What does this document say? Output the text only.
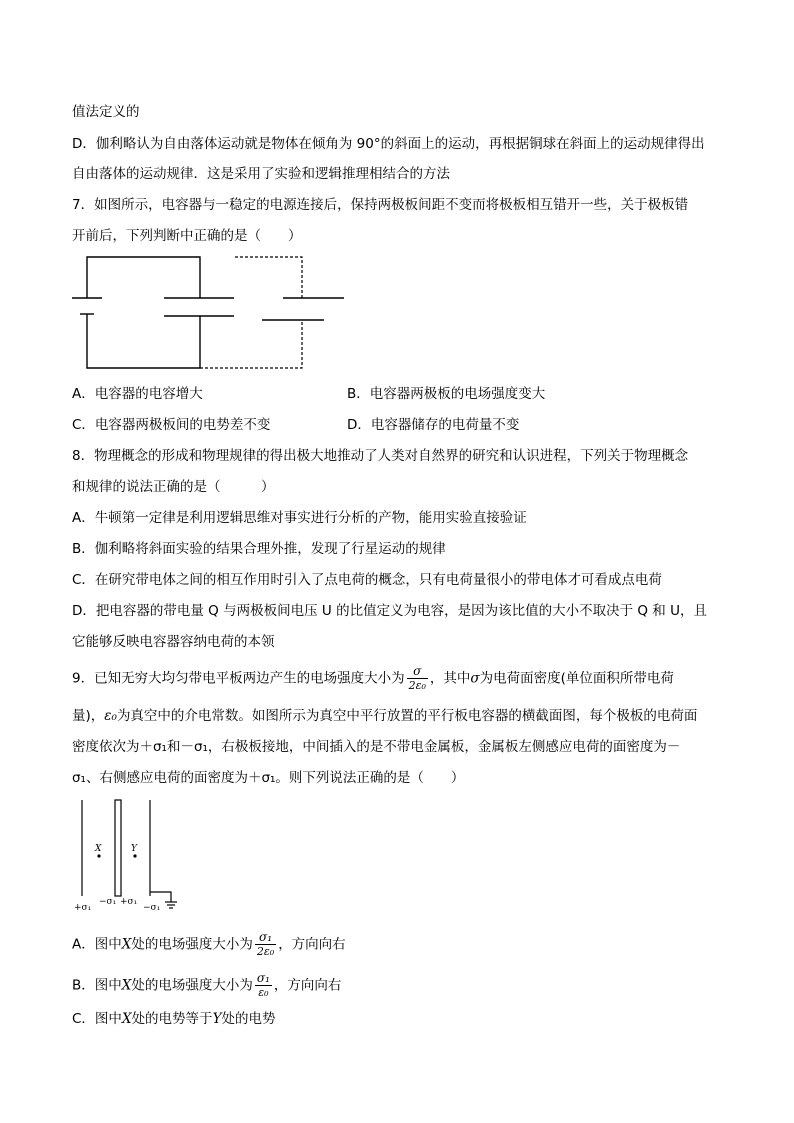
值法定义的
D．伽利略认为自由落体运动就是物体在倾角为 90°的斜面上的运动，再根据铜球在斜面上的运动规律得出
自由落体的运动规律．这是采用了实验和逻辑推理相结合的方法
7．如图所示，电容器与一稳定的电源连接后，保持两极板间距不变而将极板相互错开一些，关于极板错
开前后，下列判断中正确的是（　　）
A．电容器的电容增大	B．电容器两极板的电场强度变大
C．电容器两极板间的电势差不变	D．电容器储存的电荷量不变
8．物理概念的形成和物理规律的得出极大地推动了人类对自然界的研究和认识进程，下列关于物理概念
和规律的说法正确的是（　　　）
A．牛顿第一定律是利用逻辑思维对事实进行分析的产物，能用实验直接验证
B．伽利略将斜面实验的结果合理外推，发现了行星运动的规律
C．在研究带电体之间的相互作用时引入了点电荷的概念，只有电荷量很小的带电体才可看成点电荷
D．把电容器的带电量 Q 与两极板间电压 U 的比值定义为电容，是因为该比值的大小不取决于 Q 和 U，且
它能够反映电容器容纳电荷的本领
9．已知无穷大均匀带电平板两边产生的电场强度大小为 $\frac{\sigma}{\text{2ε₀}}$ ，其中σ为电荷面密度(单位面积所带电荷
量)，ε₀为真空中的介电常数。如图所示为真空中平行放置的平行板电容器的横截面图，每个极板的电荷面
密度依次为＋σ₁和－σ₁，右极板接地，中间插入的是不带电金属板，金属板左侧感应电荷的面密度为－
σ₁、右侧感应电荷的面密度为＋σ₁。则下列说法正确的是（　　）
X	Y
+σ₁
−σ₁ +σ₁
−σ₁
A．图中X处的电场强度大小为 $\frac{\text{σ₁}}{\text{2ε₀}}$ ，方向向右
B．图中X处的电场强度大小为 $\frac{\text{σ₁}}{\text{ε₀}}$ ，方向向右
C．图中X处的电势等于Y处的电势
